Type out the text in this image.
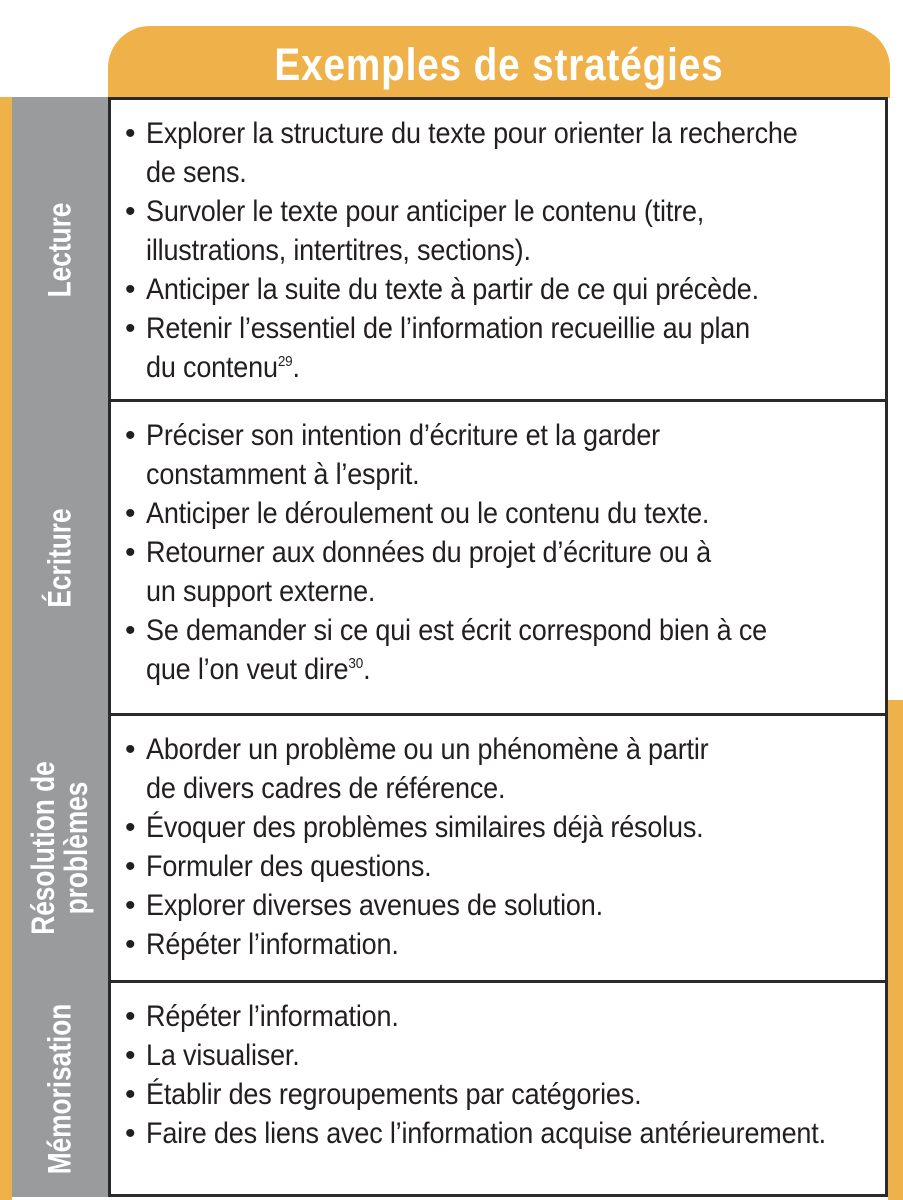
Exemples de stratégies
Lecture
• Explorer la structure du texte pour orienter la recherche
de sens.
• Survoler le texte pour anticiper le contenu (titre,
illustrations, intertitres, sections).
• Anticiper la suite du texte à partir de ce qui précède.
• Retenir l’essentiel de l’information recueillie au plan
du contenu$^{29}$.
Écriture
• Préciser son intention d’écriture et la garder
constamment à l’esprit.
• Anticiper le déroulement ou le contenu du texte.
• Retourner aux données du projet d’écriture ou à
un support externe.
• Se demander si ce qui est écrit correspond bien à ce
que l’on veut dire$^{30}$.
Résolution de
problèmes
• Aborder un problème ou un phénomène à partir
de divers cadres de référence.
• Évoquer des problèmes similaires déjà résolus.
• Formuler des questions.
• Explorer diverses avenues de solution.
• Répéter l’information.
Mémorisation
• Répéter l’information.
• La visualiser.
• Établir des regroupements par catégories.
• Faire des liens avec l’information acquise antérieurement.
